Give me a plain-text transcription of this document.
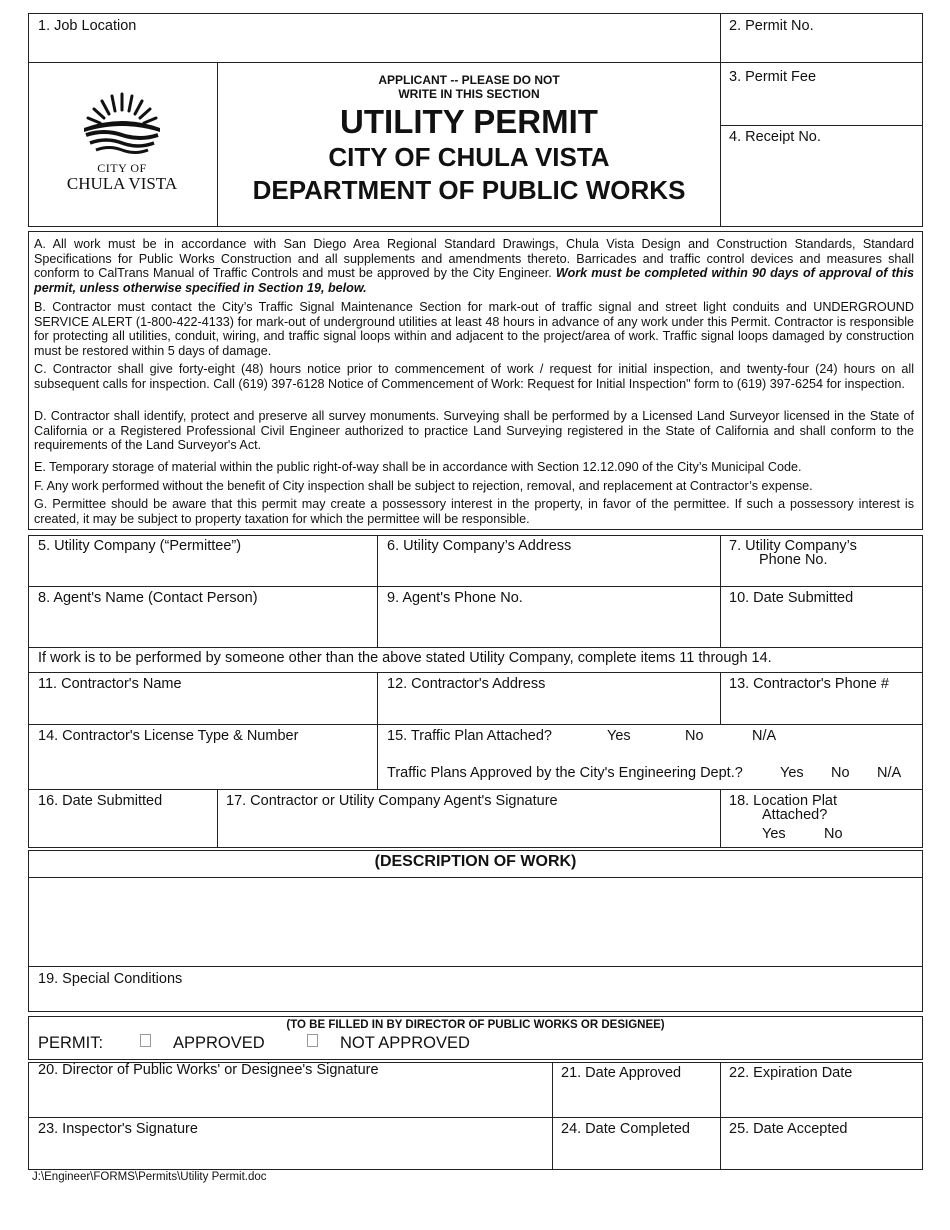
1. Job Location	2. Permit No.
3. Permit Fee
4. Receipt No.
CITY OF
CHULA VISTA
APPLICANT -- PLEASE DO NOT
WRITE IN THIS SECTION
UTILITY PERMIT
CITY OF CHULA VISTA
DEPARTMENT OF PUBLIC WORKS
A. All work must be in accordance with San Diego Area Regional Standard Drawings, Chula Vista Design and Construction Standards, Standard Specifications for Public Works Construction and all supplements and amendments thereto. Barricades and traffic control devices and measures shall conform to CalTrans Manual of Traffic Controls and must be approved by the City Engineer. Work must be completed within 90 days of approval of this permit, unless otherwise specified in Section 19, below.
B. Contractor must contact the City’s Traffic Signal Maintenance Section for mark-out of traffic signal and street light conduits and UNDERGROUND SERVICE ALERT (1-800-422-4133) for mark-out of underground utilities at least 48 hours in advance of any work under this Permit. Contractor is responsible for protecting all utilities, conduit, wiring, and traffic signal loops within and adjacent to the project/area of work. Traffic signal loops damaged by construction must be restored within 5 days of damage.
C. Contractor shall give forty-eight (48) hours notice prior to commencement of work / request for initial inspection, and twenty-four (24) hours on all subsequent calls for inspection. Call (619) 397-6128 Notice of Commencement of Work: Request for Initial Inspection" form to (619) 397-6254 for inspection.
D. Contractor shall identify, protect and preserve all survey monuments. Surveying shall be performed by a Licensed Land Surveyor licensed in the State of California or a Registered Professional Civil Engineer authorized to practice Land Surveying registered in the State of California and shall conform to the requirements of the Land Surveyor's Act.
E. Temporary storage of material within the public right-of-way shall be in accordance with Section 12.12.090 of the City’s Municipal Code.
F. Any work performed without the benefit of City inspection shall be subject to rejection, removal, and replacement at Contractor’s expense.
G. Permittee should be aware that this permit may create a possessory interest in the property, in favor of the permittee. If such a possessory interest is created, it may be subject to property taxation for which the permittee will be responsible.
5. Utility Company (“Permittee”)	6. Utility Company’s Address	7. Utility Company’s
Phone No.
8. Agent's Name (Contact Person)	9. Agent's Phone No.	10. Date Submitted
If work is to be performed by someone other than the above stated Utility Company, complete items 11 through 14.
11. Contractor's Name	12. Contractor's Address	13. Contractor's Phone #
14. Contractor's License Type & Number	15. Traffic Plan Attached?	Yes	No	N/A
Traffic Plans Approved by the City's Engineering Dept.?	Yes No N/A
16. Date Submitted	17. Contractor or Utility Company Agent's Signature	18. Location Plat
Attached?
Yes	No
(DESCRIPTION OF WORK)
19. Special Conditions
(TO BE FILLED IN BY DIRECTOR OF PUBLIC WORKS OR DESIGNEE)
PERMIT:	APPROVED	NOT APPROVED
20. Director of Public Works' or Designee's Signature	21. Date Approved	22. Expiration Date
23. Inspector's Signature	24. Date Completed	25. Date Accepted
J:\Engineer\FORMS\Permits\Utility Permit.doc
